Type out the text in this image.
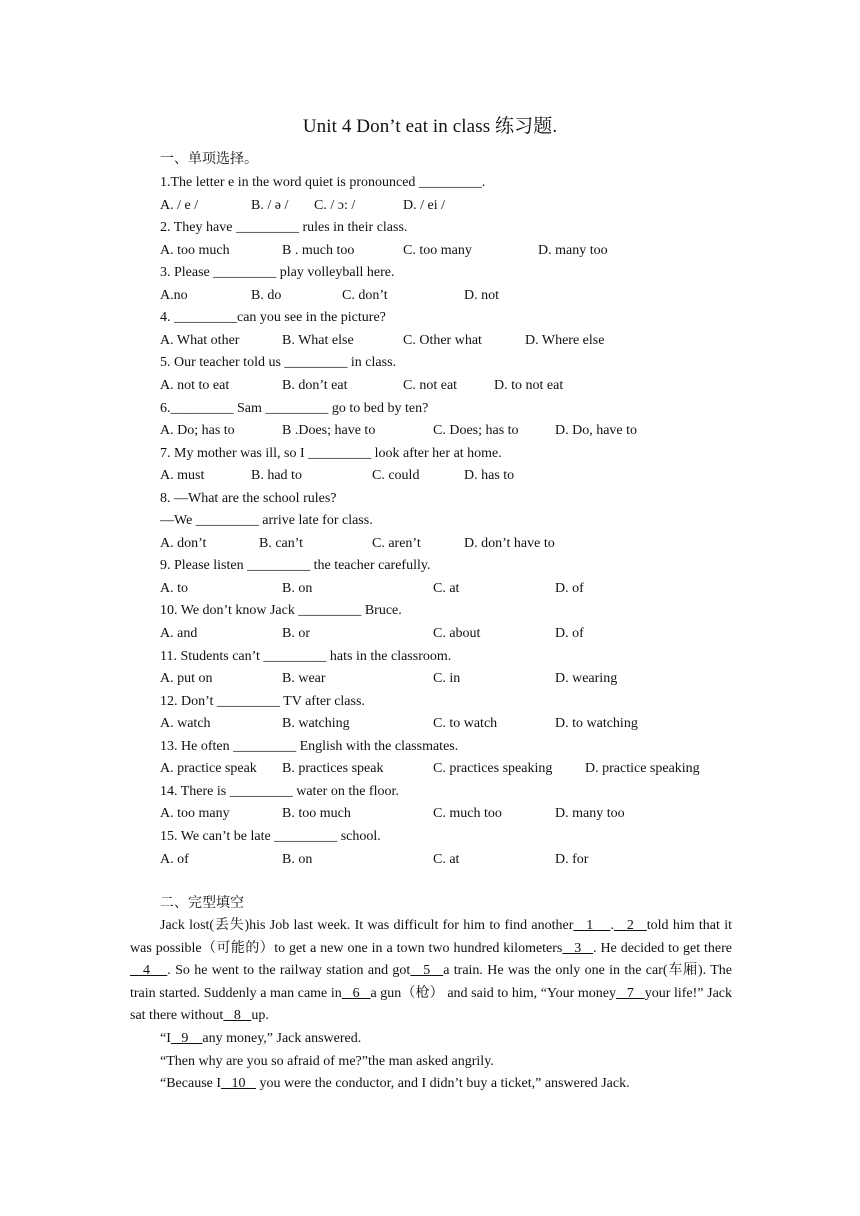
Unit 4 Don’t eat in class 练习题.
一、单项选择。
1.The letter e in the word quiet is pronounced _________.
A. / e /	B. / ə / C. / ɔ: /	D. / ei /
2. They have _________ rules in their class.
A. too much	B . much too	C. too many	D. many too
3. Please _________ play volleyball here.
A.no	B. do	C. don’t	D. not
4. _________can you see in the picture?
A. What other	B. What else	C. Other what	D. Where else
5. Our teacher told us _________ in class.
A. not to eat	B. don’t eat	C. not eat	D. to not eat
6._________ Sam _________ go to bed by ten?
A. Do; has to	B .Does; have to	C. Does; has to	D. Do, have to
7. My mother was ill, so I _________ look after her at home.
A. must	B. had to	C. could	D. has to
8. —What are the school rules?
—We _________ arrive late for class.
A. don’t	B. can’t	C. aren’t	D. don’t have to
9. Please listen _________ the teacher carefully.
A. to	B. on	C. at	D. of
10. We don’t know Jack _________ Bruce.
A. and	B. or	C. about	D. of
11. Students can’t _________ hats in the classroom.
A. put on	B. wear	C. in	D. wearing
12. Don’t _________ TV after class.
A. watch	B. watching	C. to watch	D. to watching
13. He often _________ English with the classmates.
A. practice speak B. practices speak	C. practices speaking D. practice speaking
14. There is _________ water on the floor.
A. too many	B. too much	C. much too	D. many too
15. We can’t be late _________ school.
A. of	B. on	C. at	D. for
二、完型填空

Jack lost(丢失)his Job last week. It was difficult for him to find another   1    .   2   told him that it was possible（可能的）to get a new one in a town two hundred kilometers   3   . He decided to get there   4    . So he went to the railway station and got   5   a train. He was the only one in the car(车厢). The train started. Suddenly a man came in   6   a gun（枪） and said to him, “Your money   7   your life!” Jack sat there without   8   up.

“I   9    any money,” Jack answered.

“Then why are you so afraid of me?”the man asked angrily.

“Because I   10    you were the conductor, and I didn’t buy a ticket,” answered Jack.
